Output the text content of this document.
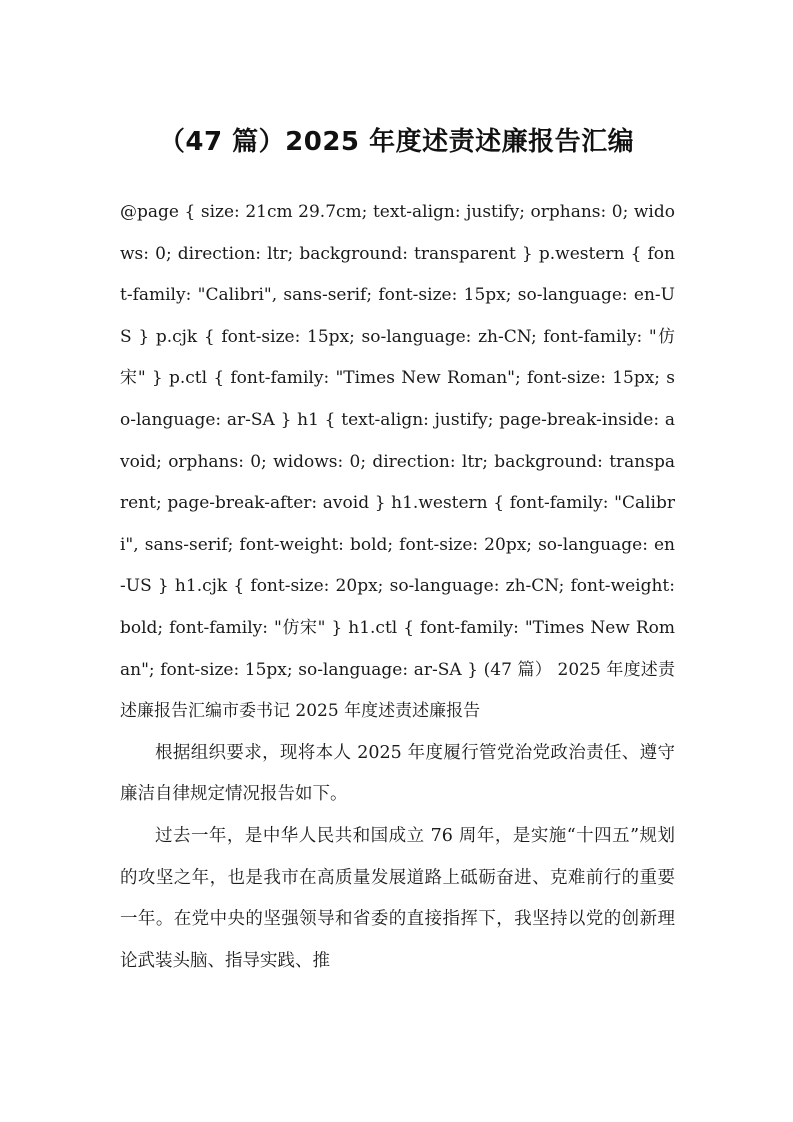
（47 篇）2025 年度述责述廉报告汇编

@page { size: 21cm 29.7cm; text-align: justify; orphans: 0; widows: 0; direction: ltr; background: transparent } p.western { font-family: "Calibri", sans-serif; font-size: 15px; so-language: en-US } p.cjk { font-size: 15px; so-language: zh-CN; font-family: "仿宋" } p.ctl { font-family: "Times New Roman"; font-size: 15px; so-language: ar-SA } h1 { text-align: justify; page-break-inside: avoid; orphans: 0; widows: 0; direction: ltr; background: transparent; page-break-after: avoid } h1.western { font-family: "Calibri", sans-serif; font-weight: bold; font-size: 20px; so-language: en-US } h1.cjk { font-size: 20px; so-language: zh-CN; font-weight: bold; font-family: "仿宋" } h1.ctl { font-family: "Times New Roman"; font-size: 15px; so-language: ar-SA } (47 篇） 2025 年度述责述廉报告汇编市委书记 2025 年度述责述廉报告

根据组织要求，现将本人 2025 年度履行管党治党政治责任、遵守廉洁自律规定情况报告如下。

过去一年，是中华人民共和国成立 76 周年，是实施“十四五”规划的攻坚之年，也是我市在高质量发展道路上砥砺奋进、克难前行的重要一年。在党中央的坚强领导和省委的直接指挥下，我坚持以党的创新理论武装头脑、指导实践、推
